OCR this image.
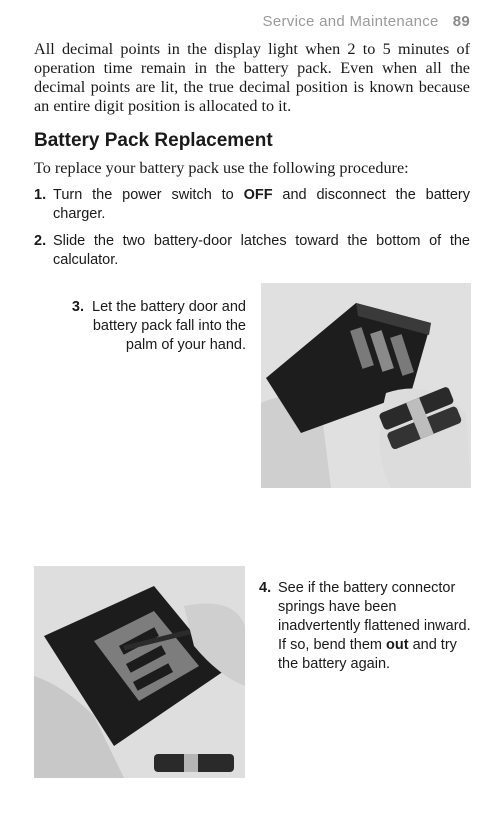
Service and Maintenance 89
All decimal points in the display light when 2 to 5 minutes of operation time remain in the battery pack. Even when all the decimal points are lit, the true decimal position is known because an entire digit position is allocated to it.
Battery Pack Replacement
To replace your battery pack use the following procedure:
1. Turn the power switch to OFF and disconnect the battery charger.
2. Slide the two battery-door latches toward the bottom of the calculator.
3. Let the battery door and battery pack fall into the palm of your hand.
4. See if the battery connector springs have been inadvertently flattened inward. If so, bend them out and try the battery again.
